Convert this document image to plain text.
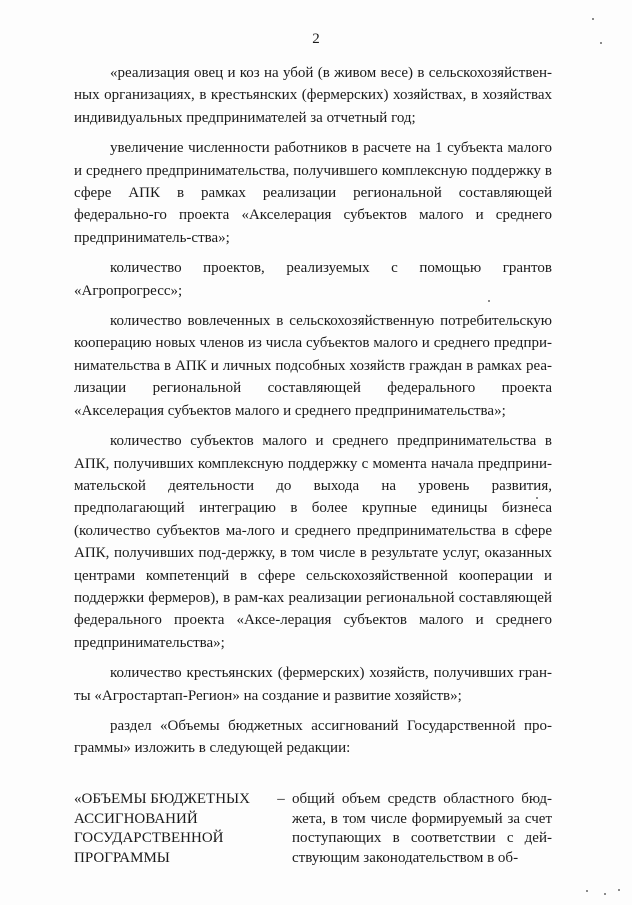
2

«реализация овец и коз на убой (в живом весе) в сельскохозяйствен-ных организациях, в крестьянских (фермерских) хозяйствах, в хозяйствах индивидуальных предпринимателей за отчетный год;

увеличение численности работников в расчете на 1 субъекта малого и среднего предпринимательства, получившего комплексную поддержку в сфере АПК в рамках реализации региональной составляющей федерально-го проекта «Акселерация субъектов малого и среднего предприниматель-ства»;

количество проектов, реализуемых с помощью грантов «Агропрогресс»;

количество вовлеченных в сельскохозяйственную потребительскую кооперацию новых членов из числа субъектов малого и среднего предпри-нимательства в АПК и личных подсобных хозяйств граждан в рамках реа-лизации региональной составляющей федерального проекта «Акселерация субъектов малого и среднего предпринимательства»;

количество субъектов малого и среднего предпринимательства в АПК, получивших комплексную поддержку с момента начала предприни-мательской деятельности до выхода на уровень развития, предполагающий интеграцию в более крупные единицы бизнеса (количество субъектов ма-лого и среднего предпринимательства в сфере АПК, получивших под-держку, в том числе в результате услуг, оказанных центрами компетенций в сфере сельскохозяйственной кооперации и поддержки фермеров), в рам-ках реализации региональной составляющей федерального проекта «Аксе-лерация субъектов малого и среднего предпринимательства»;

количество крестьянских (фермерских) хозяйств, получивших гран-ты «Агростартап-Регион» на создание и развитие хозяйств»;

раздел «Объемы бюджетных ассигнований Государственной про-граммы» изложить в следующей редакции:

«ОБЪЕМЫ БЮДЖЕТНЫХ АССИГНОВАНИЙ ГОСУДАРСТВЕННОЙ ПРОГРАММЫ
– общий объем средств областного бюд-жета, в том числе формируемый за счет поступающих в соответствии с дей-ствующим законодательством в об-
